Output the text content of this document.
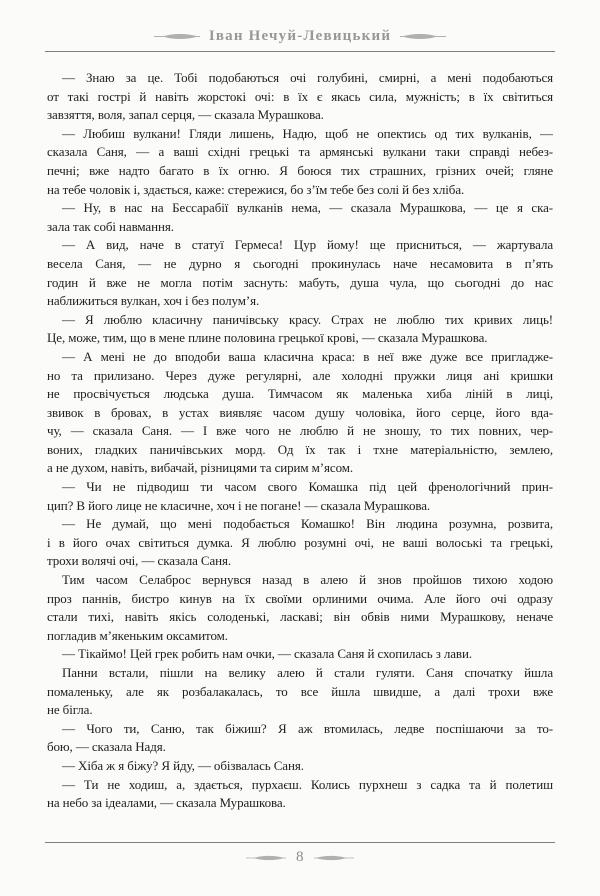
Іван Нечуй-Левицький
— Знаю за це. Тобі подобаються очі голубині, смирні, а мені подобаються
от такі гострі й навіть жорстокі очі: в їх є якась сила, мужність; в їх світиться
завзяття, воля, запал серця, — сказала Мурашкова.
— Любиш вулкани! Гляди лишень, Надю, щоб не опектись од тих вулканів, —
сказала Саня, — а ваші східні грецькі та армянські вулкани таки справді небез-
печні; вже надто багато в їх огню. Я боюся тих страшних, грізних очей; гляне
на тебе чоловік і, здається, каже: стережися, бо з’їм тебе без солі й без хліба.
— Ну, в нас на Бессарабії вулканів нема, — сказала Мурашкова, — це я ска-
зала так собі навмання.
— А вид, наче в статуї Гермеса! Цур йому! ще присниться, — жартувала
весела Саня, — не дурно я сьогодні прокинулась наче несамовита в п’ять
годин й вже не могла потім заснуть: мабуть, душа чула, що сьогодні до нас
наближиться вулкан, хоч і без полум’я.
— Я люблю класичну паничівську красу. Страх не люблю тих кривих лиць!
Це, може, тим, що в мене плине половина грецької крові, — сказала Мурашкова.
— А мені не до вподоби ваша класична краса: в неї вже дуже все пригладже-
но та прилизано. Через дуже регулярні, але холодні пружки лиця ані кришки
не просвічується людська душа. Тимчасом як маленька хиба ліній в лиці,
звивок в бровах, в устах виявляє часом душу чоловіка, його серце, його вда-
чу, — сказала Саня. — І вже чого не люблю й не зношу, то тих повних, чер-
воних, гладких паничівських морд. Од їх так і тхне матеріальністю, землею,
а не духом, навіть, вибачай, різницями та сирим м’ясом.
— Чи не підводиш ти часом свого Комашка під цей френологічний прин-
цип? В його лице не класичне, хоч і не погане! — сказала Мурашкова.
— Не думай, що мені подобається Комашко! Він людина розумна, розвита,
і в його очах світиться думка. Я люблю розумні очі, не ваші волоські та грецькі,
трохи волячі очі, — сказала Саня.
Тим часом Селаброс вернувся назад в алею й знов пройшов тихою ходою
проз паннів, бистро кинув на їх своїми орлиними очима. Але його очі одразу
стали тихі, навіть якісь солоденькі, ласкаві; він обвів ними Мурашкову, неначе
погладив м’якеньким оксамитом.
— Тікаймо! Цей грек робить нам очки, — сказала Саня й схопилась з лави.
Панни встали, пішли на велику алею й стали гуляти. Саня спочатку йшла
помаленьку, але як розбалакалась, то все йшла швидше, а далі трохи вже
не бігла.
— Чого ти, Саню, так біжиш? Я аж втомилась, ледве поспішаючи за то-
бою, — сказала Надя.
— Хіба ж я біжу? Я йду, — обізвалась Саня.
— Ти не ходиш, а, здається, пурхаєш. Колись пурхнеш з садка та й полетиш
на небо за ідеалами, — сказала Мурашкова.
8
